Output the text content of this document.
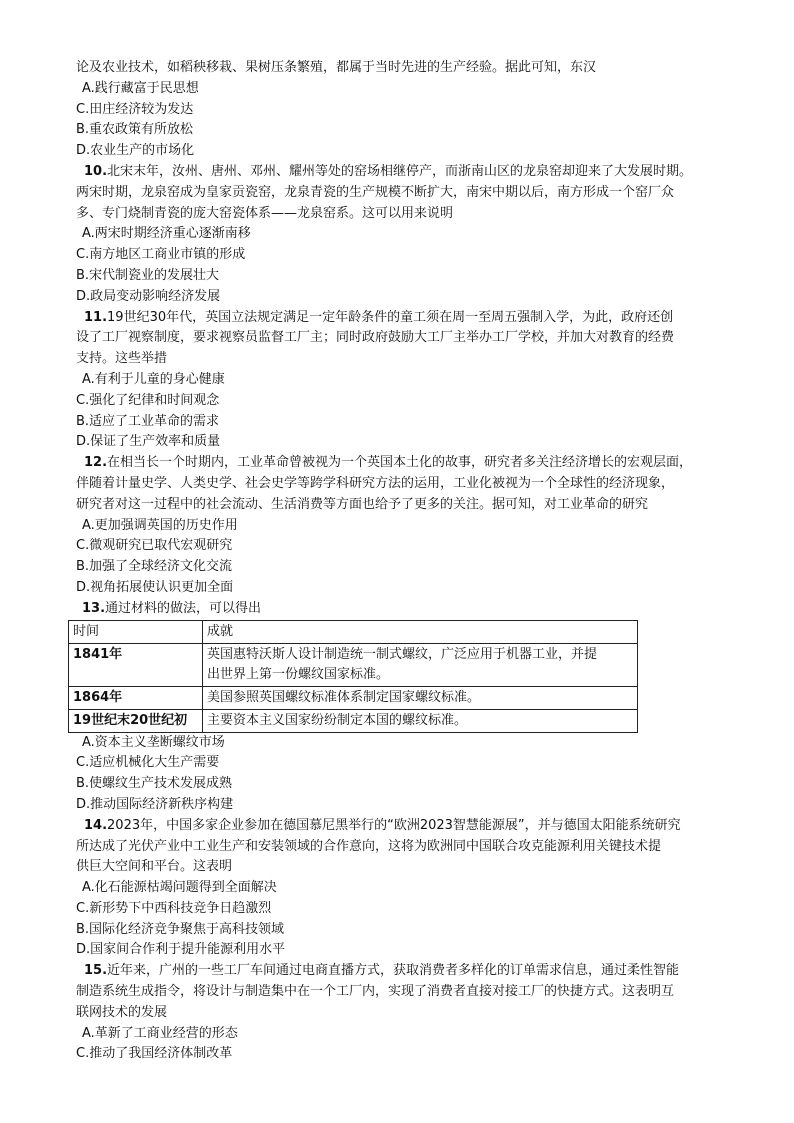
论及农业技术，如稻秧移栽、果树压条繁殖，都属于当时先进的生产经验。据此可知，东汉
A.践行藏富于民思想
C.田庄经济较为发达
B.重农政策有所放松
D.农业生产的市场化
10.北宋末年，汝州、唐州、邓州、耀州等处的窑场相继停产，而浙南山区的龙泉窑却迎来了大发展时期。
两宋时期，龙泉窑成为皇家贡瓷窑，龙泉青瓷的生产规模不断扩大，南宋中期以后，南方形成一个窑厂众
多、专门烧制青瓷的庞大窑瓷体系——龙泉窑系。这可以用来说明
A.两宋时期经济重心逐渐南移
C.南方地区工商业市镇的形成
B.宋代制瓷业的发展壮大
D.政局变动影响经济发展
11.19世纪30年代，英国立法规定满足一定年龄条件的童工须在周一至周五强制入学，为此，政府还创
设了工厂视察制度，要求视察员监督工厂主；同时政府鼓励大工厂主举办工厂学校，并加大对教育的经费
支持。这些举措
A.有利于儿童的身心健康
C.强化了纪律和时间观念
B.适应了工业革命的需求
D.保证了生产效率和质量
12.在相当长一个时期内，工业革命曾被视为一个英国本土化的故事，研究者多关注经济增长的宏观层面，
伴随着计量史学、人类史学、社会史学等跨学科研究方法的运用，工业化被视为一个全球性的经济现象，
研究者对这一过程中的社会流动、生活消费等方面也给予了更多的关注。据可知，对工业革命的研究
A.更加强调英国的历史作用
C.微观研究已取代宏观研究
B.加强了全球经济文化交流
D.视角拓展使认识更加全面
13.通过材料的做法，可以得出
时间	成就
1841年	英国惠特沃斯人设计制造统一制式螺纹，广泛应用于机器工业，并提
出世界上第一份螺纹国家标准。

1864年	美国参照英国螺纹标准体系制定国家螺纹标准。
19世纪末20世纪初	主要资本主义国家纷纷制定本国的螺纹标准。
A.资本主义垄断螺纹市场
C.适应机械化大生产需要
B.使螺纹生产技术发展成熟
D.推动国际经济新秩序构建
14.2023年，中国多家企业参加在德国慕尼黑举行的“欧洲2023智慧能源展”，并与德国太阳能系统研究
所达成了光伏产业中工业生产和安装领域的合作意向，这将为欧洲同中国联合攻克能源利用关键技术提
供巨大空间和平台。这表明
A.化石能源枯竭问题得到全面解决
C.新形势下中西科技竞争日趋激烈
B.国际化经济竞争聚焦于高科技领域
D.国家间合作利于提升能源利用水平
15.近年来，广州的一些工厂车间通过电商直播方式，获取消费者多样化的订单需求信息，通过柔性智能
制造系统生成指令，将设计与制造集中在一个工厂内，实现了消费者直接对接工厂的快捷方式。这表明互
联网技术的发展
A.革新了工商业经营的形态
C.推动了我国经济体制改革
